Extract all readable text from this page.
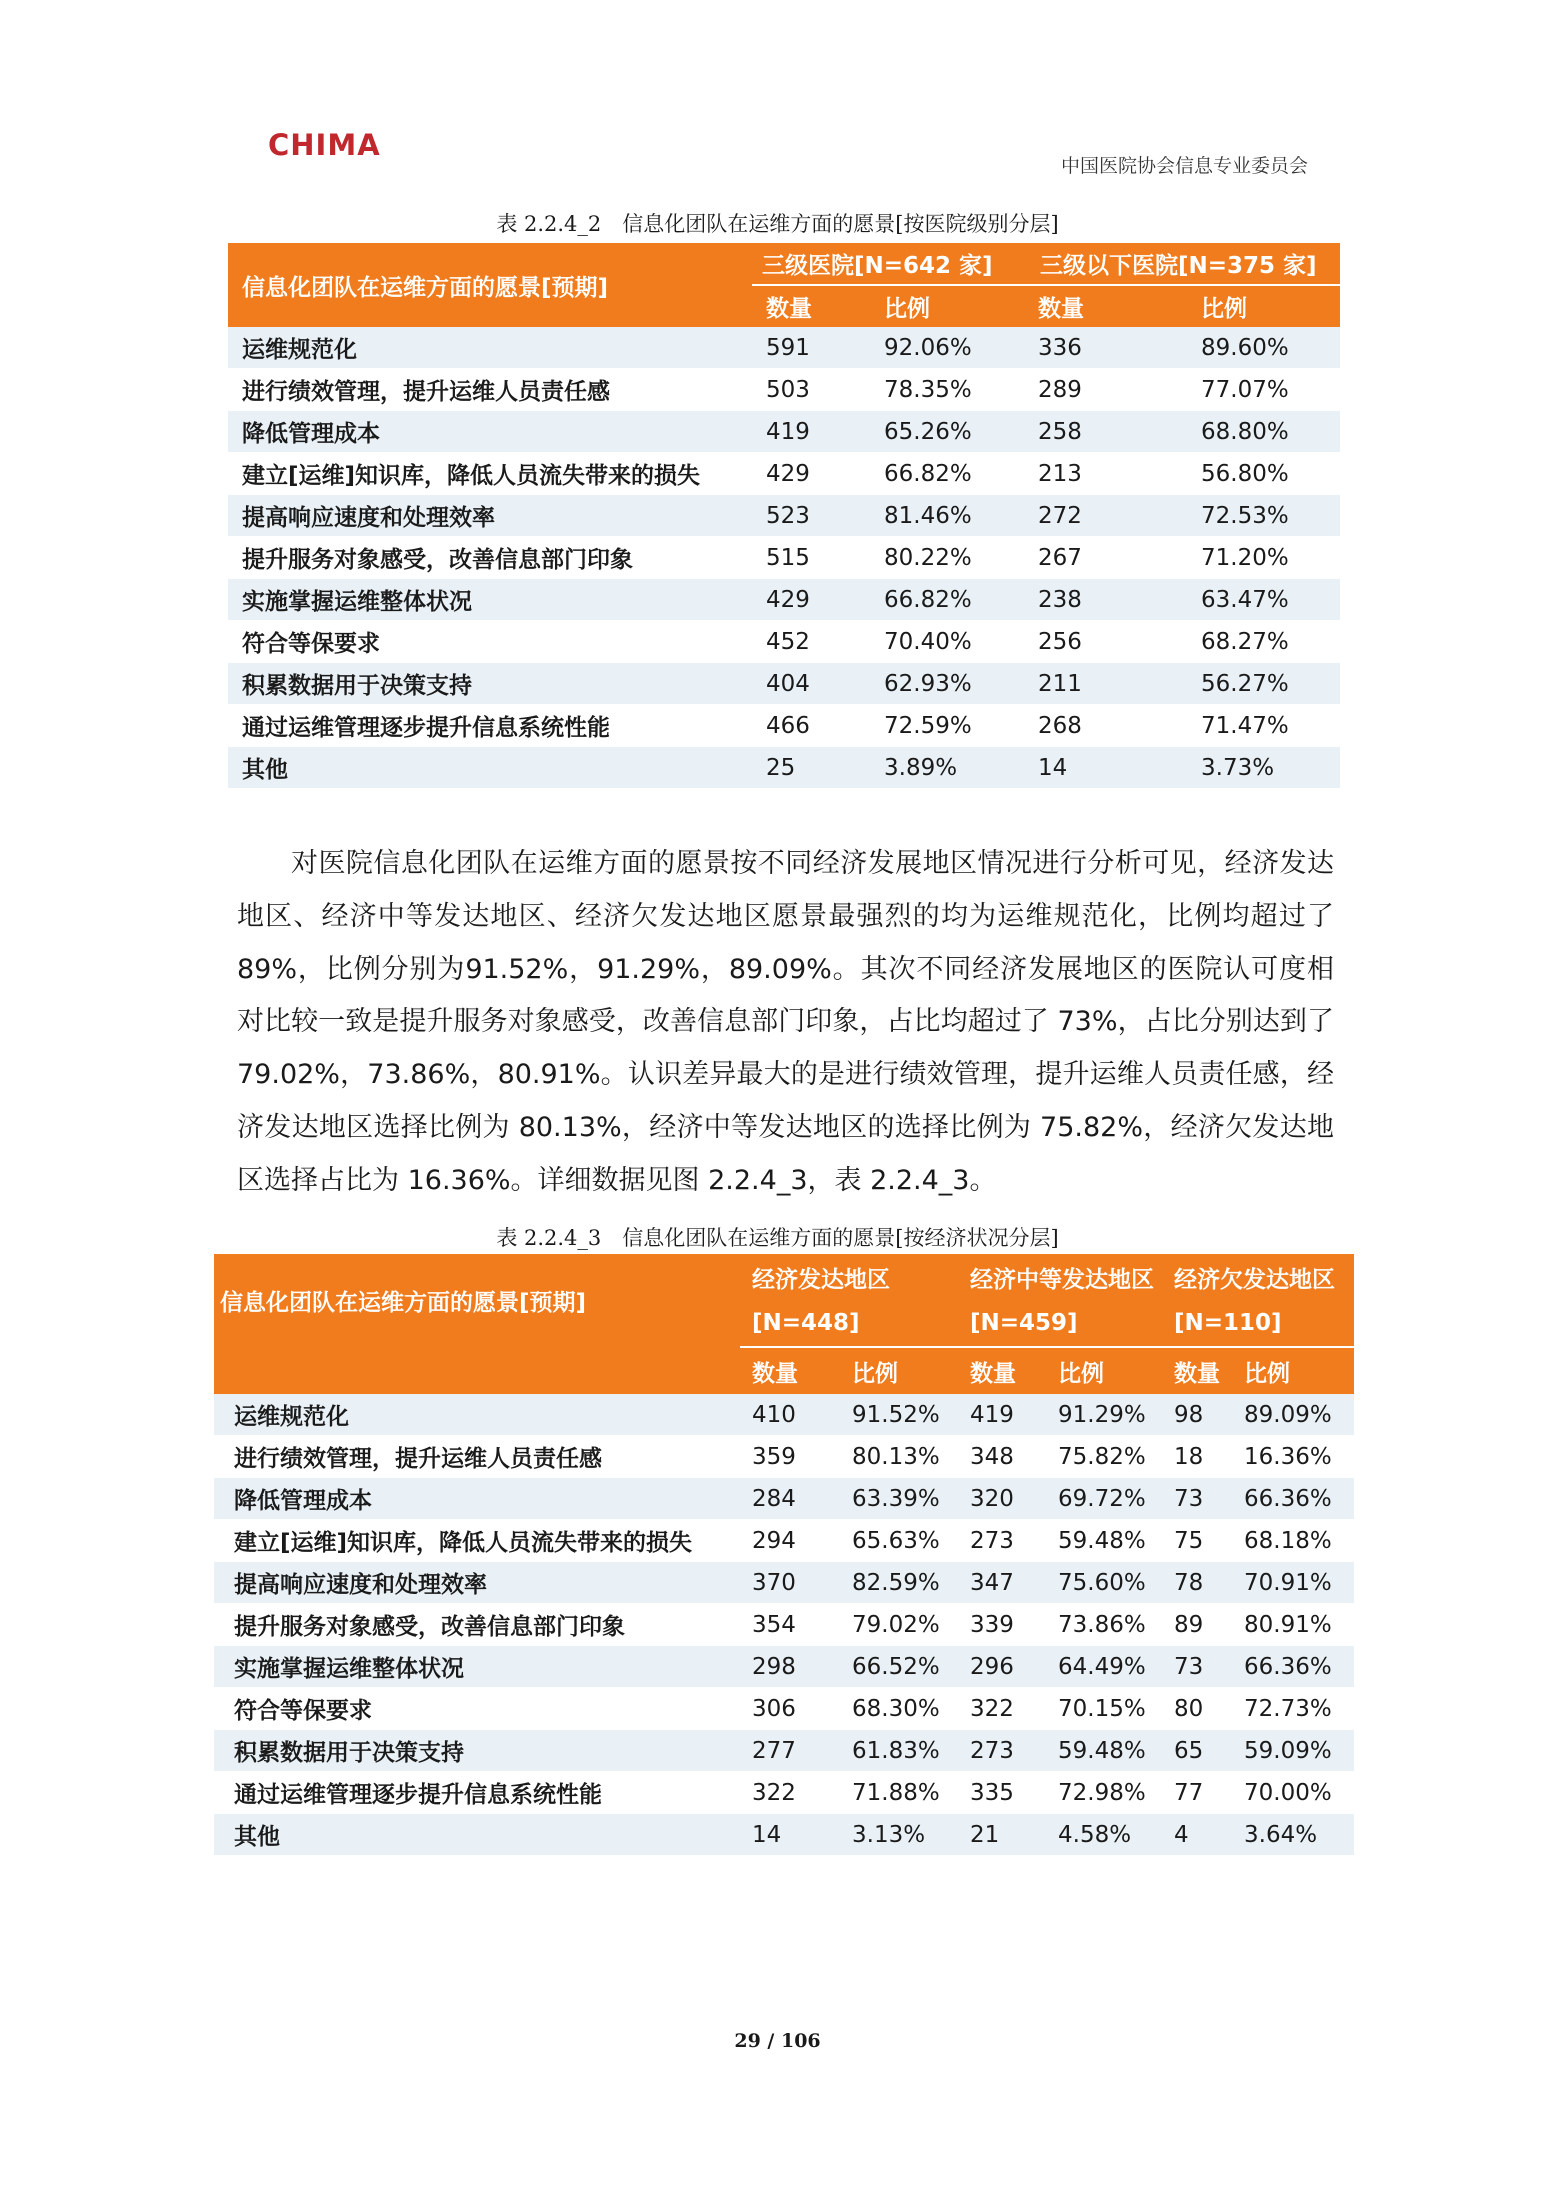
CHIMA
中国医院协会信息专业委员会
表 2.2.4_2　信息化团队在运维方面的愿景[按医院级别分层]
信息化团队在运维方面的愿景[预期]	三级医院[N=642 家]		三级以下医院[N=375 家]	
	数量	比例	数量	比例
运维规范化	591	92.06%	336	89.60%
进行绩效管理，提升运维人员责任感	503	78.35%	289	77.07%
降低管理成本	419	65.26%	258	68.80%
建立[运维]知识库，降低人员流失带来的损失	429	66.82%	213	56.80%
提高响应速度和处理效率	523	81.46%	272	72.53%
提升服务对象感受，改善信息部门印象	515	80.22%	267	71.20%
实施掌握运维整体状况	429	66.82%	238	63.47%
符合等保要求	452	70.40%	256	68.27%
积累数据用于决策支持	404	62.93%	211	56.27%
通过运维管理逐步提升信息系统性能	466	72.59%	268	71.47%
其他	25	3.89%	14	3.73%

对医院信息化团队在运维方面的愿景按不同经济发展地区情况进行分析可见，经济发达地区、经济中等发达地区、经济欠发达地区愿景最强烈的均为运维规范化，比例均超过了89%，比例分别为91.52%，91.29%，89.09%。其次不同经济发展地区的医院认可度相对比较一致是提升服务对象感受，改善信息部门印象，占比均超过了 73%，占比分别达到了79.02%，73.86%，80.91%。认识差异最大的是进行绩效管理，提升运维人员责任感，经济发达地区选择比例为 80.13%，经济中等发达地区的选择比例为 75.82%，经济欠发达地区选择占比为 16.36%。详细数据见图 2.2.4_3，表 2.2.4_3。

表 2.2.4_3　信息化团队在运维方面的愿景[按经济状况分层]
信息化团队在运维方面的愿景[预期]	经济发达地区		经济中等发达地区		经济欠发达地区	
	[N=448]		[N=459]		[N=110]	
	数量	比例	数量	比例	数量	比例
运维规范化	410	91.52%	419	91.29%	98	89.09%
进行绩效管理，提升运维人员责任感	359	80.13%	348	75.82%	18	16.36%
降低管理成本	284	63.39%	320	69.72%	73	66.36%
建立[运维]知识库，降低人员流失带来的损失	294	65.63%	273	59.48%	75	68.18%
提高响应速度和处理效率	370	82.59%	347	75.60%	78	70.91%
提升服务对象感受，改善信息部门印象	354	79.02%	339	73.86%	89	80.91%
实施掌握运维整体状况	298	66.52%	296	64.49%	73	66.36%
符合等保要求	306	68.30%	322	70.15%	80	72.73%
积累数据用于决策支持	277	61.83%	273	59.48%	65	59.09%
通过运维管理逐步提升信息系统性能	322	71.88%	335	72.98%	77	70.00%
其他	14	3.13%	21	4.58%	4	3.64%
29 / 106
